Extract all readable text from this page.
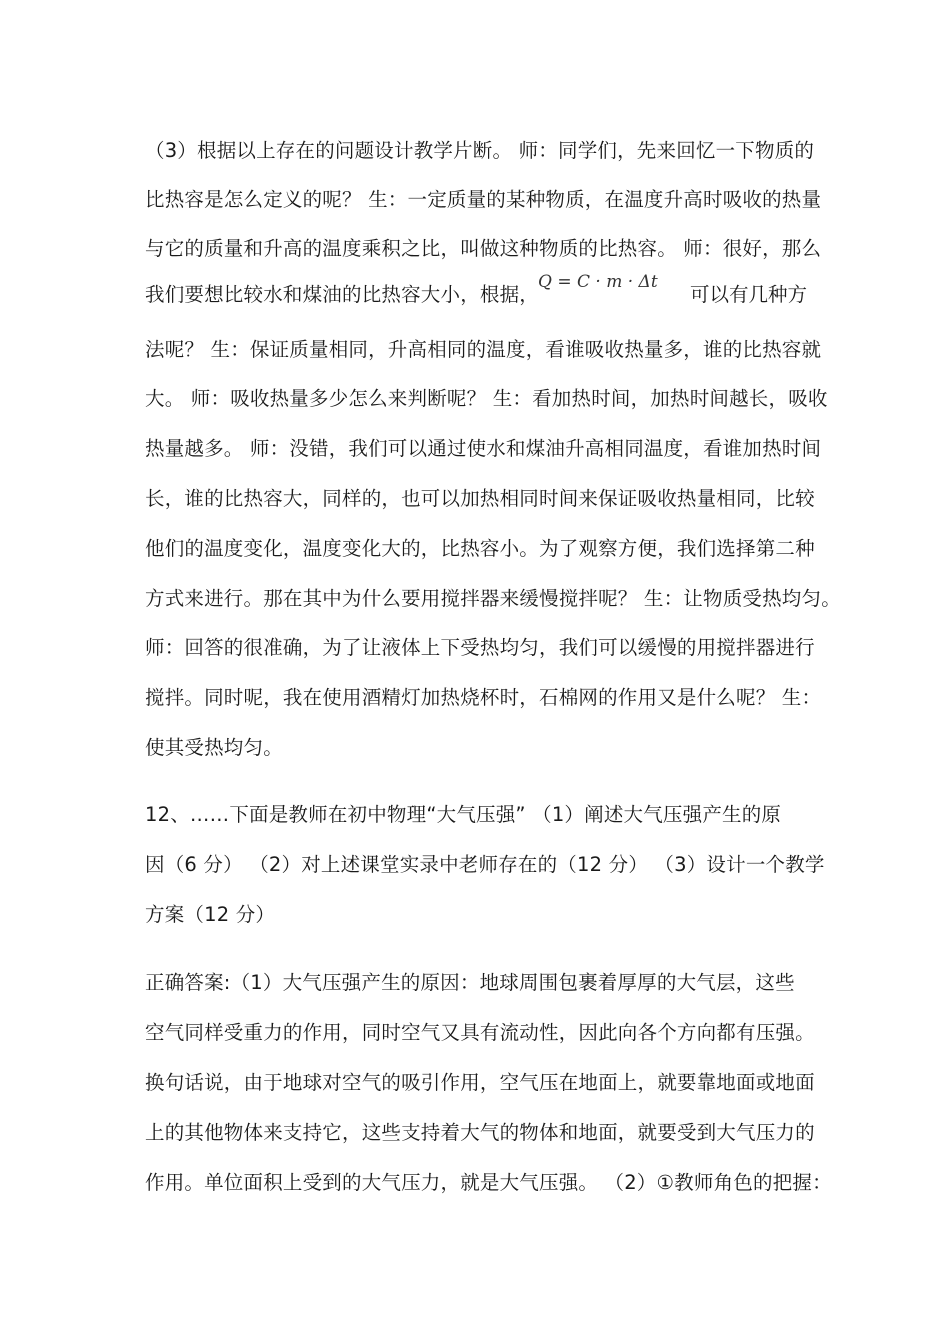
（3）根据以上存在的问题设计教学片断。 师：同学们，先来回忆一下物质的
比热容是怎么定义的呢？ 生：一定质量的某种物质，在温度升高时吸收的热量
与它的质量和升高的温度乘积之比，叫做这种物质的比热容。 师：很好，那么
我们要想比较水和煤油的比热容大小，根据，
Q = C · m · Δt
可以有几种方
法呢？ 生：保证质量相同，升高相同的温度，看谁吸收热量多，谁的比热容就
大。 师：吸收热量多少怎么来判断呢？ 生：看加热时间，加热时间越长，吸收
热量越多。 师：没错，我们可以通过使水和煤油升高相同温度，看谁加热时间
长，谁的比热容大，同样的，也可以加热相同时间来保证吸收热量相同，比较
他们的温度变化，温度变化大的，比热容小。为了观察方便，我们选择第二种
方式来进行。那在其中为什么要用搅拌器来缓慢搅拌呢？ 生：让物质受热均匀。
师：回答的很准确，为了让液体上下受热均匀，我们可以缓慢的用搅拌器进行
搅拌。同时呢，我在使用酒精灯加热烧杯时，石棉网的作用又是什么呢？ 生：
使其受热均匀。
12、……下面是教师在初中物理“大气压强” （1）阐述大气压强产生的原
因（6 分） （2）对上述课堂实录中老师存在的（12 分） （3）设计一个教学
方案（12 分）
正确答案:（1）大气压强产生的原因：地球周围包裹着厚厚的大气层，这些
空气同样受重力的作用，同时空气又具有流动性，因此向各个方向都有压强。
换句话说，由于地球对空气的吸引作用，空气压在地面上，就要靠地面或地面
上的其他物体来支持它，这些支持着大气的物体和地面，就要受到大气压力的
作用。单位面积上受到的大气压力，就是大气压强。 （2）①教师角色的把握：
